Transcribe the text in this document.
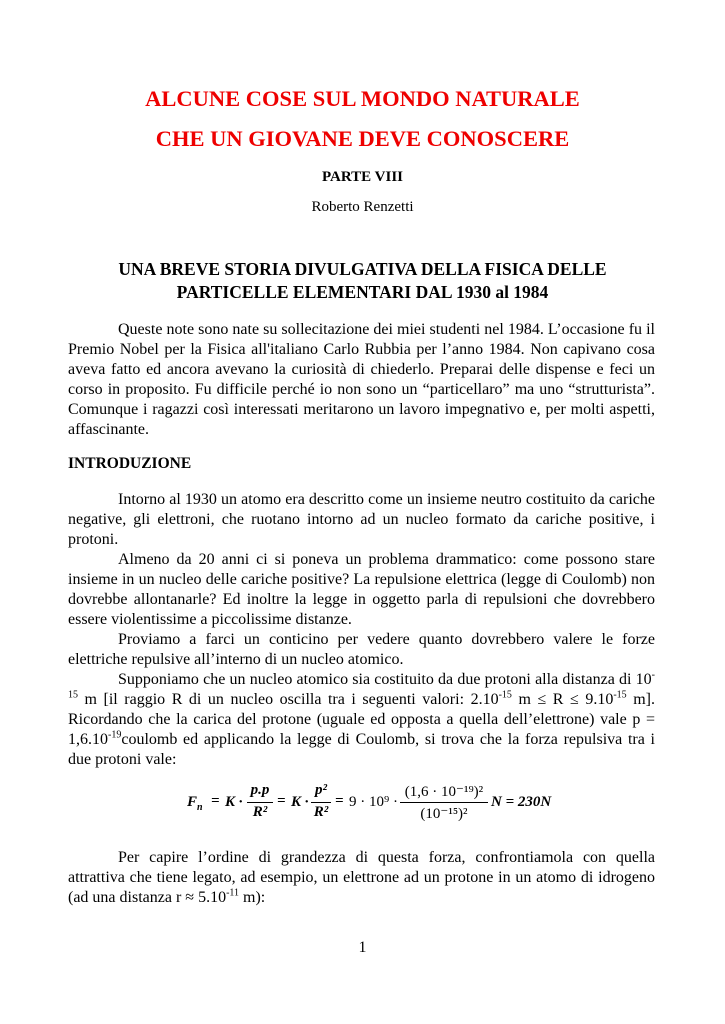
ALCUNE COSE SUL MONDO NATURALE
CHE UN GIOVANE DEVE CONOSCERE
PARTE VIII
Roberto Renzetti
UNA BREVE STORIA DIVULGATIVA DELLA FISICA DELLE
PARTICELLE ELEMENTARI DAL 1930 al 1984
Queste note sono nate su sollecitazione dei miei studenti nel 1984. L’occasione fu il Premio Nobel per la Fisica all'italiano Carlo Rubbia per l’anno 1984. Non capivano cosa aveva fatto ed ancora avevano la curiosità di chiederlo. Preparai delle dispense e feci un corso in proposito. Fu difficile perché io non sono un “particellaro” ma uno “strutturista”. Comunque i ragazzi così interessati meritarono un lavoro impegnativo e, per molti aspetti, affascinante.
INTRODUZIONE
Intorno al 1930 un atomo era descritto come un insieme neutro costituito da cariche negative, gli elettroni, che ruotano intorno ad un nucleo formato da cariche positive, i protoni.
Almeno da 20 anni ci si poneva un problema drammatico: come possono stare insieme in un nucleo delle cariche positive? La repulsione elettrica (legge di Coulomb) non dovrebbe allontanarle? Ed inoltre la legge in oggetto parla di repulsioni che dovrebbero essere violentissime a piccolissime distanze.
Proviamo a farci un conticino per vedere quanto dovrebbero valere le forze elettriche repulsive all’interno di un nucleo atomico.
Supponiamo che un nucleo atomico sia costituito da due protoni alla distanza di $10^{-15}$ m [il raggio R di un nucleo oscilla tra i seguenti valori: $2.10^{-15}$ $m \le R \le 9.10^{-15}$ m]. Ricordando che la carica del protone (uguale ed opposta a quella dell’elettrone) vale $p = 1,6.10^{-19}coulomb$ ed applicando la legge di Coulomb, si trova che la forza repulsiva tra i due protoni vale:
$F_n = K$ ·
p.p
R²
= K ·
p²
R²
= 9 · 10⁹ ·
(1,6 · 10⁻¹⁹)²
(10⁻¹⁵)²
N = 230N
Per capire l’ordine di grandezza di questa forza, confrontiamola con quella attrattiva che tiene legato, ad esempio, un elettrone ad un protone in un atomo di idrogeno (ad una distanza $r \approx 5.10^{-11}$ m):
1
